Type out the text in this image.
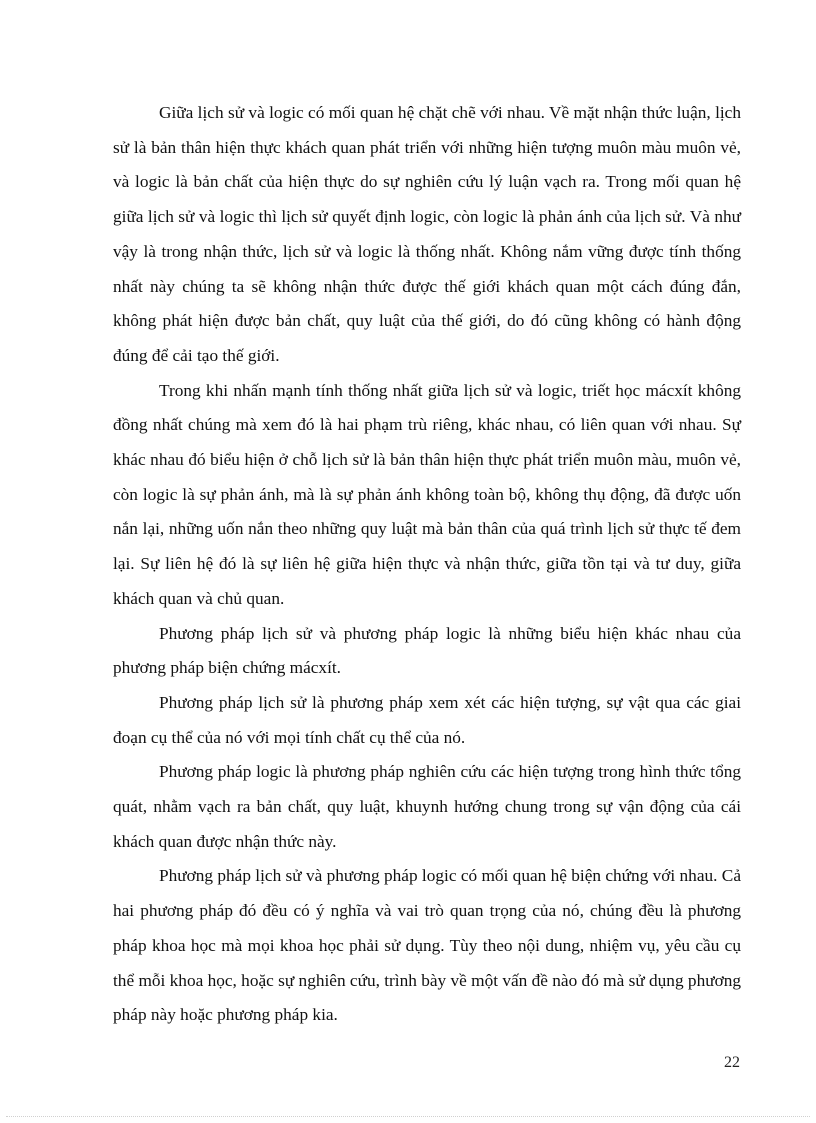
Giữa lịch sử và logic có mối quan hệ chặt chẽ với nhau. Về mặt nhận thức luận, lịch sử là bản thân hiện thực khách quan phát triển với những hiện tượng muôn màu muôn vẻ, và logic là bản chất của hiện thực do sự nghiên cứu lý luận vạch ra. Trong mối quan hệ giữa lịch sử và logic thì lịch sử quyết định logic, còn logic là phản ánh của lịch sử. Và như vậy là trong nhận thức, lịch sử và logic là thống nhất. Không nắm vững được tính thống nhất này chúng ta sẽ không nhận thức được thế giới khách quan một cách đúng đắn, không phát hiện được bản chất, quy luật của thế giới, do đó cũng không có hành động đúng để cải tạo thế giới.

Trong khi nhấn mạnh tính thống nhất giữa lịch sử và logic, triết học mácxít không đồng nhất chúng mà xem đó là hai phạm trù riêng, khác nhau, có liên quan với nhau. Sự khác nhau đó biểu hiện ở chỗ lịch sử là bản thân hiện thực phát triển muôn màu, muôn vẻ, còn logic là sự phản ánh, mà là sự phản ánh không toàn bộ, không thụ động, đã được uốn nắn lại, những uốn nắn theo những quy luật mà bản thân của quá trình lịch sử thực tế đem lại. Sự liên hệ đó là sự liên hệ giữa hiện thực và nhận thức, giữa tồn tại và tư duy, giữa khách quan và chủ quan.

Phương pháp lịch sử và phương pháp logic là những biểu hiện khác nhau của phương pháp biện chứng mácxít.

Phương pháp lịch sử là phương pháp xem xét các hiện tượng, sự vật qua các giai đoạn cụ thể của nó với mọi tính chất cụ thể của nó.

Phương pháp logic là phương pháp nghiên cứu các hiện tượng trong hình thức tổng quát, nhằm vạch ra bản chất, quy luật, khuynh hướng chung trong sự vận động của cái khách quan được nhận thức này.

Phương pháp lịch sử và phương pháp logic có mối quan hệ biện chứng với nhau. Cả hai phương pháp đó đều có ý nghĩa và vai trò quan trọng của nó, chúng đều là phương pháp khoa học mà mọi khoa học phải sử dụng. Tùy theo nội dung, nhiệm vụ, yêu cầu cụ thể mỗi khoa học, hoặc sự nghiên cứu, trình bày về một vấn đề nào đó mà sử dụng phương pháp này hoặc phương pháp kia.

22
